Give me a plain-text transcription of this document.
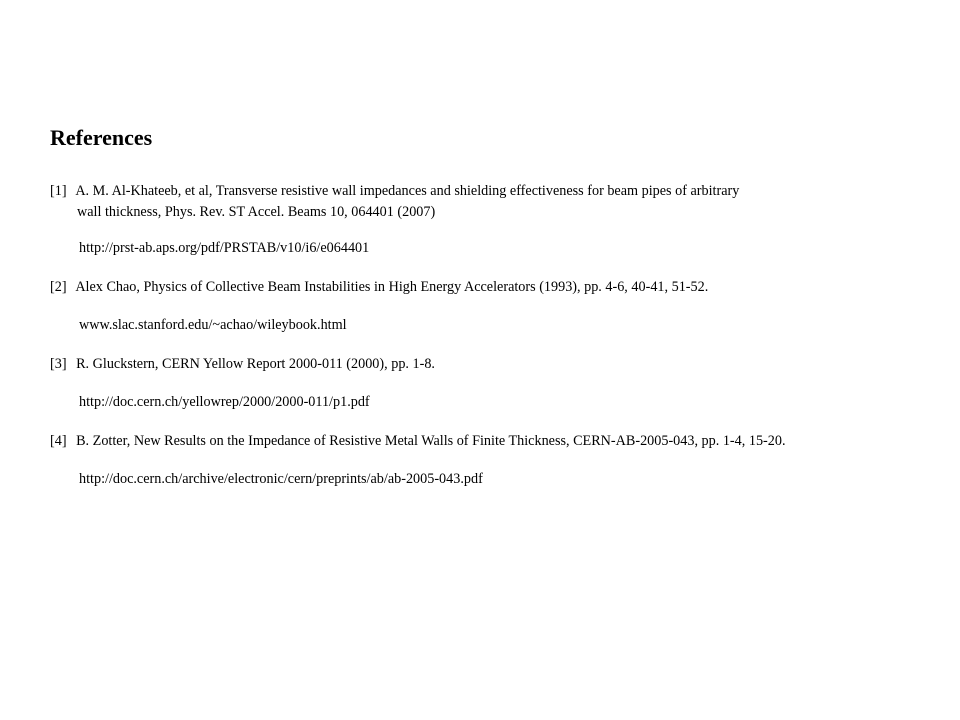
References
[1] A. M. Al-Khateeb, et al, Transverse resistive wall impedances and shielding effectiveness for beam pipes of arbitrary
wall thickness, Phys. Rev. ST Accel. Beams 10, 064401 (2007)
http://prst-ab.aps.org/pdf/PRSTAB/v10/i6/e064401
[2] Alex Chao, Physics of Collective Beam Instabilities in High Energy Accelerators (1993), pp. 4-6, 40-41, 51-52.
www.slac.stanford.edu/~achao/wileybook.html
[3] R. Gluckstern, CERN Yellow Report 2000-011 (2000), pp. 1-8.
http://doc.cern.ch/yellowrep/2000/2000-011/p1.pdf
[4] B. Zotter, New Results on the Impedance of Resistive Metal Walls of Finite Thickness, CERN-AB-2005-043, pp. 1-4, 15-20.
http://doc.cern.ch/archive/electronic/cern/preprints/ab/ab-2005-043.pdf
